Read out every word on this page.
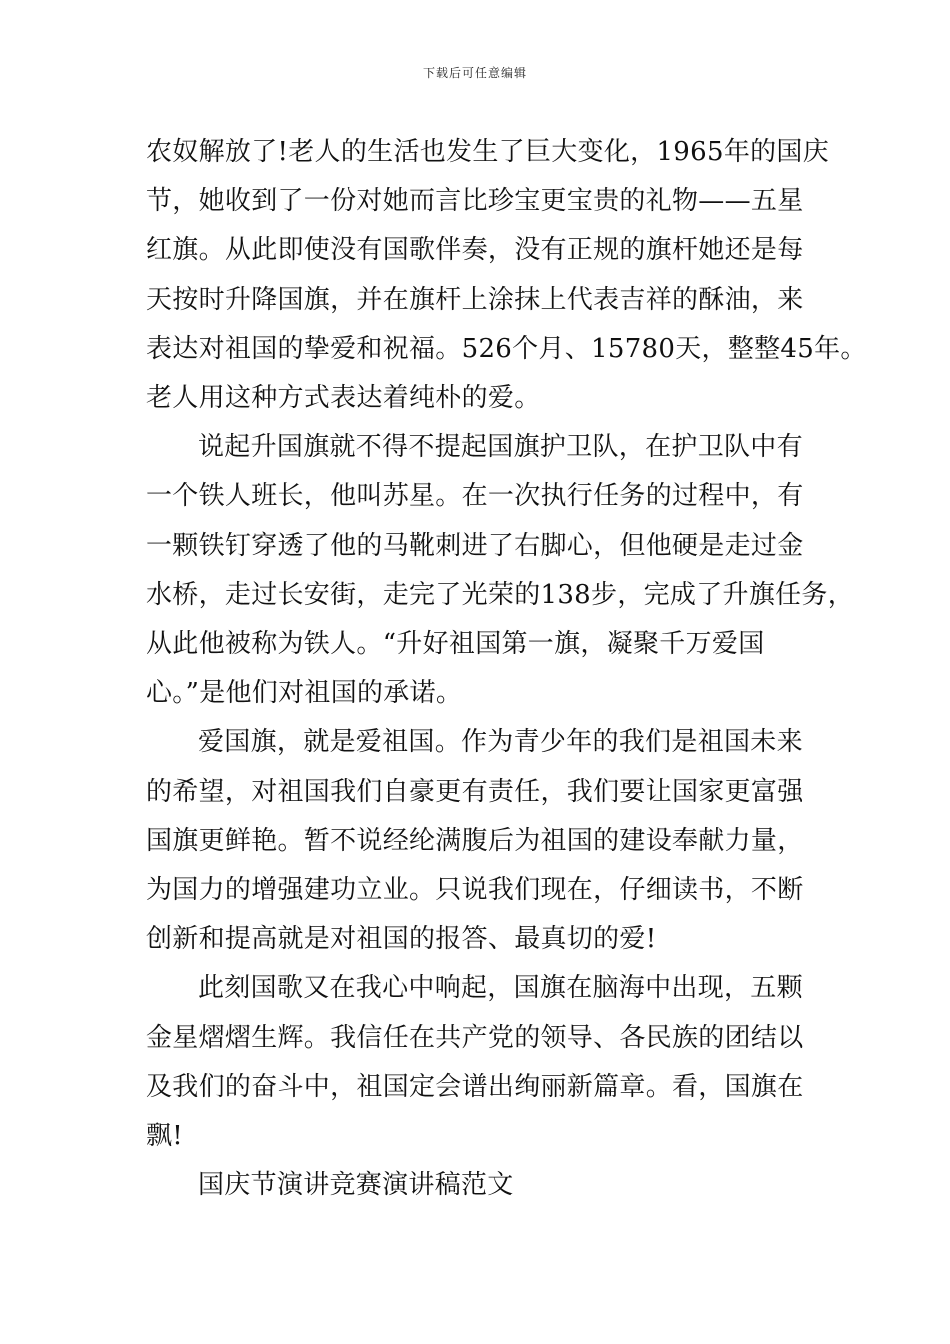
下载后可任意编辑

农奴解放了!老人的生活也发生了巨大变化，1965年的国庆
节，她收到了一份对她而言比珍宝更宝贵的礼物——五星
红旗。从此即使没有国歌伴奏，没有正规的旗杆她还是每
天按时升降国旗，并在旗杆上涂抹上代表吉祥的酥油，来
表达对祖国的挚爱和祝福。526个月、15780天，整整45年。
老人用这种方式表达着纯朴的爱。

说起升国旗就不得不提起国旗护卫队，在护卫队中有
一个铁人班长，他叫苏星。在一次执行任务的过程中，有
一颗铁钉穿透了他的马靴刺进了右脚心，但他硬是走过金
水桥，走过长安街，走完了光荣的138步，完成了升旗任务，
从此他被称为铁人。“升好祖国第一旗，凝聚千万爱国
心。”是他们对祖国的承诺。

爱国旗，就是爱祖国。作为青少年的我们是祖国未来
的希望，对祖国我们自豪更有责任，我们要让国家更富强
国旗更鲜艳。暂不说经纶满腹后为祖国的建设奉献力量，
为国力的增强建功立业。只说我们现在，仔细读书，不断
创新和提高就是对祖国的报答、最真切的爱!

此刻国歌又在我心中响起，国旗在脑海中出现，五颗
金星熠熠生辉。我信任在共产党的领导、各民族的团结以
及我们的奋斗中，祖国定会谱出绚丽新篇章。看，国旗在
飘!

国庆节演讲竞赛演讲稿范文
